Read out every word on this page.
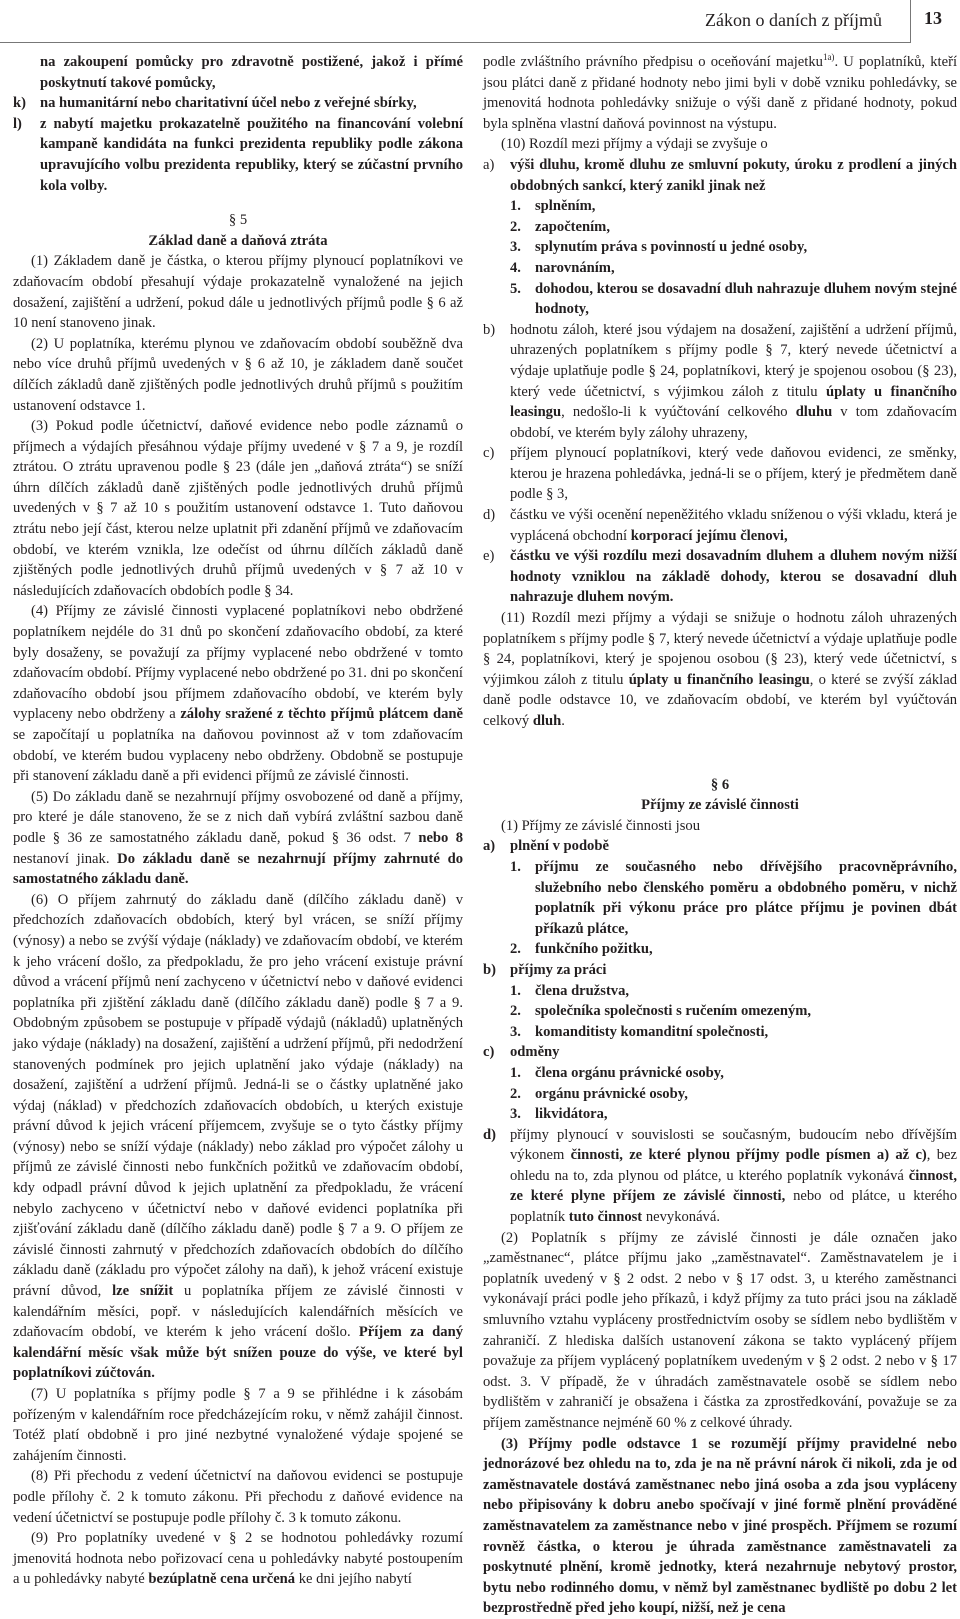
Zákon o daních z příjmů 13
na zakoupení pomůcky pro zdravotně postižené, jakož i přímé poskytnutí takové pomůcky,
k) na humanitární nebo charitativní účel nebo z veřejné sbírky,
l)	z nabytí majetku prokazatelně použitého na financování volební kampaně kandidáta na funkci prezidenta republiky podle zákona upravujícího volbu prezidenta republiky, který se zúčastní prvního kola volby.
§ 5
Základ daně a daňová ztráta

(1) Základem daně je částka, o kterou příjmy plynoucí poplatníkovi ve zdaňovacím období přesahují výdaje prokazatelně vynaložené na jejich dosažení, zajištění a udržení, pokud dále u jednotlivých příjmů podle § 6 až 10 není stanoveno jinak.

(2) U poplatníka, kterému plynou ve zdaňovacím období souběžně dva nebo více druhů příjmů uvedených v § 6 až 10, je základem daně součet dílčích základů daně zjištěných podle jednotlivých druhů příjmů s použitím ustanovení odstavce 1.

(3) Pokud podle účetnictví, daňové evidence nebo podle záznamů o příjmech a výdajích přesáhnou výdaje příjmy uvedené v § 7 a 9, je rozdíl ztrátou. O ztrátu upravenou podle § 23 (dále jen „daňová ztráta“) se sníží úhrn dílčích základů daně zjištěných podle jednotlivých druhů příjmů uvedených v § 7 až 10 s použitím ustanovení odstavce 1. Tuto daňovou ztrátu nebo její část, kterou nelze uplatnit při zdanění příjmů ve zdaňovacím období, ve kterém vznikla, lze odečíst od úhrnu dílčích základů daně zjištěných podle jednotlivých druhů příjmů uvedených v § 7 až 10 v následujících zdaňovacích obdobích podle § 34.

(4) Příjmy ze závislé činnosti vyplacené poplatníkovi nebo obdržené poplatníkem nejdéle do 31 dnů po skončení zdaňovacího období, za které byly dosaženy, se považují za příjmy vyplacené nebo obdržené v tomto zdaňovacím období. Příjmy vyplacené nebo obdržené po 31. dni po skončení zdaňovacího období jsou příjmem zdaňovacího období, ve kterém byly vyplaceny nebo obdrženy a zálohy sražené z těchto příjmů plátcem daně se započítají u poplatníka na daňovou povinnost až v tom zdaňovacím období, ve kterém budou vyplaceny nebo obdrženy. Obdobně se postupuje při stanovení základu daně a při evidenci příjmů ze závislé činnosti.

(5) Do základu daně se nezahrnují příjmy osvobozené od daně a příjmy, pro které je dále stanoveno, že se z nich daň vybírá zvláštní sazbou daně podle § 36 ze samostatného základu daně, pokud § 36 odst. 7 nebo 8 nestanoví jinak. Do základu daně se nezahrnují příjmy zahrnuté do samostatného základu daně.

(6) O příjem zahrnutý do základu daně (dílčího základu daně) v předchozích zdaňovacích obdobích, který byl vrácen, se sníží příjmy (výnosy) a nebo se zvýší výdaje (náklady) ve zdaňovacím období, ve kterém k jeho vrácení došlo, za předpokladu, že pro jeho vrácení existuje právní důvod a vrácení příjmů není zachyceno v účetnictví nebo v daňové evidenci poplatníka při zjištění základu daně (dílčího základu daně) podle § 7 a 9. Obdobným způsobem se postupuje v případě výdajů (nákladů) uplatněných jako výdaje (náklady) na dosažení, zajištění a udržení příjmů, při nedodržení stanovených podmínek pro jejich uplatnění jako výdaje (náklady) na dosažení, zajištění a udržení příjmů. Jedná-li se o částky uplatněné jako výdaj (náklad) v předchozích zdaňovacích obdobích, u kterých existuje právní důvod k jejich vrácení příjemcem, zvyšuje se o tyto částky příjmy (výnosy) nebo se sníží výdaje (náklady) nebo základ pro výpočet zálohy u příjmů ze závislé činnosti nebo funkčních požitků ve zdaňovacím období, kdy odpadl právní důvod k jejich uplatnění za předpokladu, že vrácení nebylo zachyceno v účetnictví nebo v daňové evidenci poplatníka při zjišťování základu daně (dílčího základu daně) podle § 7 a 9. O příjem ze závislé činnosti zahrnutý v předchozích zdaňovacích obdobích do dílčího základu daně (základu pro výpočet zálohy na daň), k jehož vrácení existuje právní důvod, lze snížit u poplatníka příjem ze závislé činnosti v kalendářním měsíci, popř. v následujících kalendářních měsících ve zdaňovacím období, ve kterém k jeho vrácení došlo. Příjem za daný kalendářní měsíc však může být snížen pouze do výše, ve které byl poplatníkovi zúčtován.

(7) U poplatníka s příjmy podle § 7 a 9 se přihlédne i k zásobám pořízeným v kalendářním roce předcházejícím roku, v němž zahájil činnost. Totéž platí obdobně i pro jiné nezbytné vynaložené výdaje spojené se zahájením činnosti.

(8) Při přechodu z vedení účetnictví na daňovou evidenci se postupuje podle přílohy č. 2 k tomuto zákonu. Při přechodu z daňové evidence na vedení účetnictví se postupuje podle přílohy č. 3 k tomuto zákonu.

(9) Pro poplatníky uvedené v § 2 se hodnotou pohledávky rozumí jmenovitá hodnota nebo pořizovací cena u pohledávky nabyté postoupením a u pohledávky nabyté bezúplatně cena určená ke dni jejího nabytí

podle zvláštního právního předpisu o oceňování majetku$^{1a)}$. U poplatníků, kteří jsou plátci daně z přidané hodnoty nebo jimi byli v době vzniku pohledávky, se jmenovitá hodnota pohledávky snižuje o výši daně z přidané hodnoty, pokud byla splněna vlastní daňová povinnost na výstupu.

(10) Rozdíl mezi příjmy a výdaji se zvyšuje o

a)	výši dluhu, kromě dluhu ze smluvní pokuty, úroku z prodlení a jiných obdobných sankcí, který zanikl jinak než
1. splněním,
2. započtením,
3. splynutím práva s povinností u jedné osoby,
4. narovnáním,
5. dohodou, kterou se dosavadní dluh nahrazuje dluhem novým stejné hodnoty,
b)	hodnotu záloh, které jsou výdajem na dosažení, zajištění a udržení příjmů, uhrazených poplatníkem s příjmy podle § 7, který nevede účetnictví a výdaje uplatňuje podle § 24, poplatníkovi, který je spojenou osobou (§ 23), který vede účetnictví, s výjimkou záloh z titulu úplaty u finančního leasingu, nedošlo-li k vyúčtování celkového dluhu v tom zdaňovacím období, ve kterém byly zálohy uhrazeny,
c)	příjem plynoucí poplatníkovi, který vede daňovou evidenci, ze směnky, kterou je hrazena pohledávka, jedná-li se o příjem, který je předmětem daně podle § 3,
d)	částku ve výši ocenění nepeněžitého vkladu sníženou o výši vkladu, která je vyplácená obchodní korporací jejímu členovi,
e)	částku ve výši rozdílu mezi dosavadním dluhem a dluhem novým nižší hodnoty vzniklou na základě dohody, kterou se dosavadní dluh nahrazuje dluhem novým.

(11) Rozdíl mezi příjmy a výdaji se snižuje o hodnotu záloh uhrazených poplatníkem s příjmy podle § 7, který nevede účetnictví a výdaje uplatňuje podle § 24, poplatníkovi, který je spojenou osobou (§ 23), který vede účetnictví, s výjimkou záloh z titulu úplaty u finančního leasingu, o které se zvýší základ daně podle odstavce 10, ve zdaňovacím období, ve kterém byl vyúčtován celkový dluh.

§ 6
Příjmy ze závislé činnosti

(1) Příjmy ze závislé činnosti jsou

a)	plnění v podobě
1. příjmu ze současného nebo dřívějšího pracovněprávního, služebního nebo členského poměru a obdobného poměru, v nichž poplatník při výkonu práce pro plátce příjmu je povinen dbát příkazů plátce,
2. funkčního požitku,
b) příjmy za práci
1. člena družstva,
2. společníka společnosti s ručením omezeným,
3. komanditisty komanditní společnosti,
c)	odměny
1. člena orgánu právnické osoby,
2. orgánu právnické osoby,
3. likvidátora,
d) příjmy plynoucí v souvislosti se současným, budoucím nebo dřívějším výkonem činnosti, ze které plynou příjmy podle písmen a) až c), bez ohledu na to, zda plynou od plátce, u kterého poplatník vykonává činnost, ze které plyne příjem ze závislé činnosti, nebo od plátce, u kterého poplatník tuto činnost nevykonává.

(2) Poplatník s příjmy ze závislé činnosti je dále označen jako „zaměstnanec“, plátce příjmu jako „zaměstnavatel“. Zaměstnavatelem je i poplatník uvedený v § 2 odst. 2 nebo v § 17 odst. 3, u kterého zaměstnanci vykonávají práci podle jeho příkazů, i když příjmy za tuto práci jsou na základě smluvního vztahu vypláceny prostřednictvím osoby se sídlem nebo bydlištěm v zahraničí. Z hlediska dalších ustanovení zákona se takto vyplácený příjem považuje za příjem vyplácený poplatníkem uvedeným v § 2 odst. 2 nebo v § 17 odst. 3. V případě, že v úhradách zaměstnavatele osobě se sídlem nebo bydlištěm v zahraničí je obsažena i částka za zprostředkování, považuje se za příjem zaměstnance nejméně 60 % z celkové úhrady.

(3) Příjmy podle odstavce 1 se rozumějí příjmy pravidelné nebo jednorázové bez ohledu na to, zda je na ně právní nárok či nikoli, zda je od zaměstnavatele dostává zaměstnanec nebo jiná osoba a zda jsou vypláceny nebo připisovány k dobru anebo spočívají v jiné formě plnění prováděné zaměstnavatelem za zaměstnance nebo v jiné prospěch. Příjmem se rozumí rovněž částka, o kterou je úhrada zaměstnance zaměstnavateli za poskytnuté plnění, kromě jednotky, která nezahrnuje nebytový prostor, bytu nebo rodinného domu, v němž byl zaměstnanec bydliště po dobu 2 let bezprostředně před jeho koupí, nižší, než je cena
